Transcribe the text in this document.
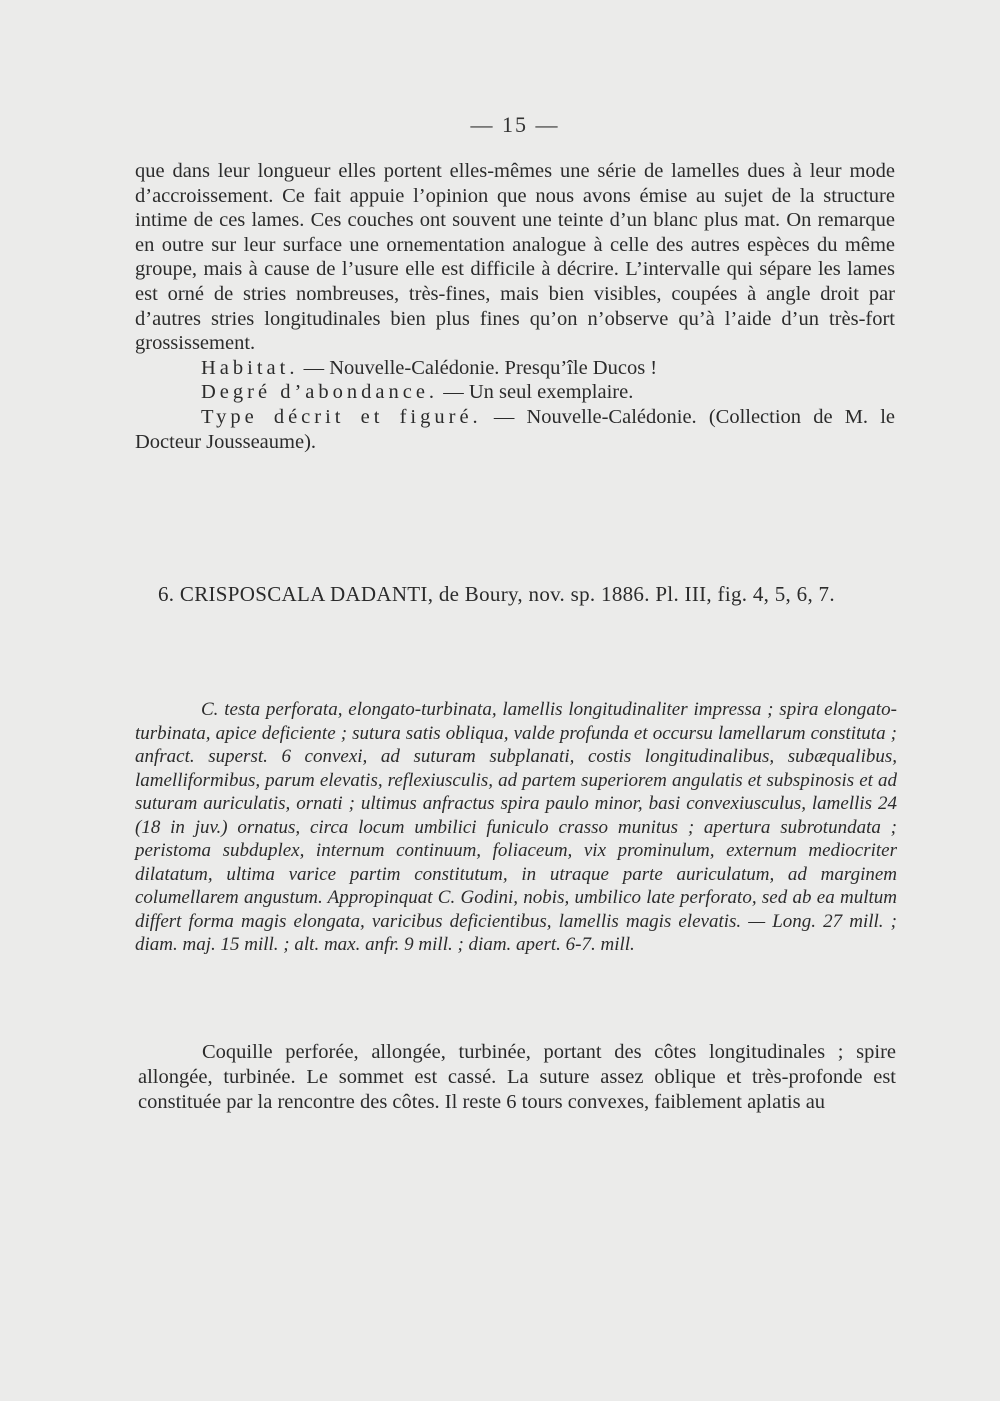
— 15 —
que dans leur longueur elles portent elles-mêmes une série de lamelles dues à leur mode d’accroissement. Ce fait appuie l’opinion que nous avons émise au sujet de la structure intime de ces lames. Ces couches ont souvent une teinte d’un blanc plus mat. On remarque en outre sur leur surface une ornementation analogue à celle des autres espèces du même groupe, mais à cause de l’usure elle est difficile à décrire. L’intervalle qui sépare les lames est orné de stries nombreuses, très-fines, mais bien visibles, coupées à angle droit par d’autres stries longitudinales bien plus fines qu’on n’observe qu’à l’aide d’un très-fort grossissement.
Habitat. — Nouvelle-Calédonie. Presqu’île Ducos !
Degré d’abondance. — Un seul exemplaire.
Type décrit et figuré. — Nouvelle-Calédonie. (Collection de M. le Docteur Jousseaume).
6. CRISPOSCALA DADANTI, de Boury, nov. sp. 1886. Pl. III, fig. 4, 5, 6, 7.
C. testa perforata, elongato-turbinata, lamellis longitudinaliter impressa ; spira elongato-turbinata, apice deficiente ; sutura satis obliqua, valde profunda et occursu lamellarum constituta ; anfract. superst. 6 convexi, ad suturam subplanati, costis longitudinalibus, subæqualibus, lamelliformibus, parum elevatis, reflexiusculis, ad partem superiorem angulatis et subspinosis et ad suturam auriculatis, ornati ; ultimus anfractus spira paulo minor, basi convexiusculus, lamellis 24 (18 in juv.) ornatus, circa locum umbilici funiculo crasso munitus ; apertura subrotundata ; peristoma subduplex, internum continuum, foliaceum, vix prominulum, externum mediocriter dilatatum, ultima varice partim constitutum, in utraque parte auriculatum, ad marginem columellarem angustum. Appropinquat C. Godini, nobis, umbilico late perforato, sed ab ea multum differt forma magis elongata, varicibus deficientibus, lamellis magis elevatis. — Long. 27 mill. ; diam. maj. 15 mill. ; alt. max. anfr. 9 mill. ; diam. apert. 6-7. mill.
Coquille perforée, allongée, turbinée, portant des côtes longitudinales ; spire allongée, turbinée. Le sommet est cassé. La suture assez oblique et très-profonde est constituée par la rencontre des côtes. Il reste 6 tours convexes, faiblement aplatis au
